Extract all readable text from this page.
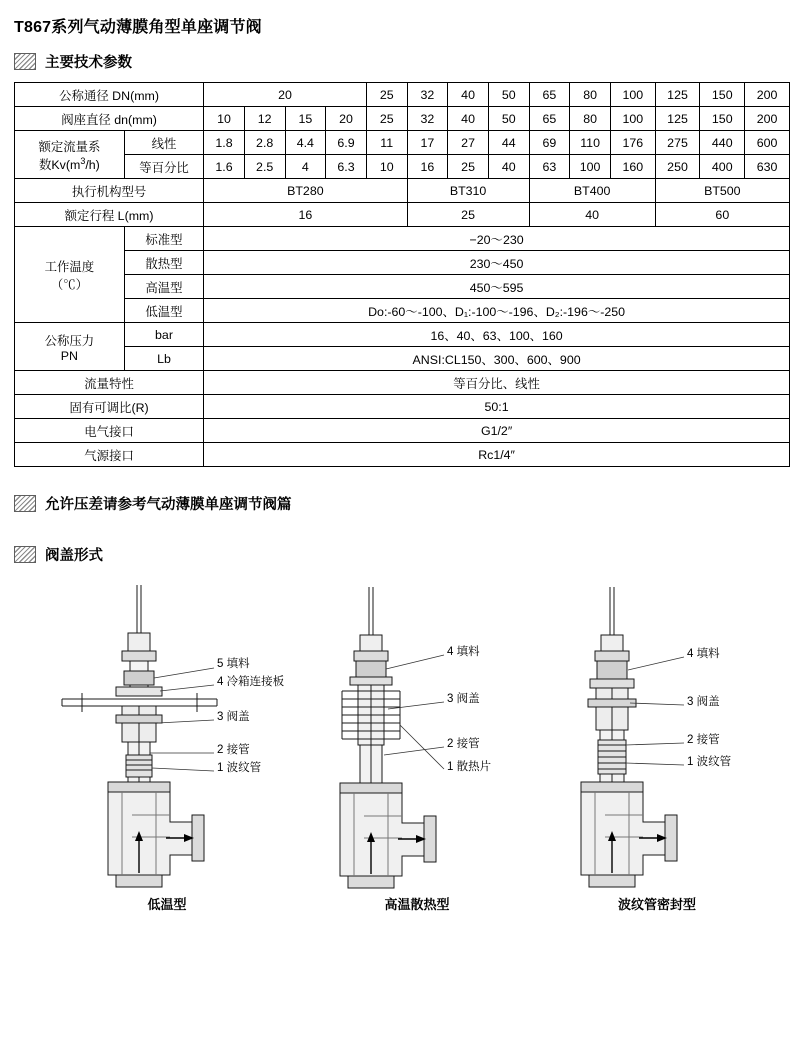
T867系列气动薄膜角型单座调节阀
主要技术参数
公称通径 DN(mm)		20				25	32	40	50	65	80	100	125	150	200
阀座直径 dn(mm)		10	12	15	20	25	32	40	50	65	80	100	125	150	200
额定流量系
数$Kv(m^3/h)$	线性	1.8	2.8	4.4	6.9	11	17	27	44	69	110	176	275	440	600
	等百分比	1.6	2.5	4	6.3	10	16	25	40	63	100	160	250	400	630
执行机构型号		BT280					BT310			BT400			BT500		
额定行程 L(mm)		16					25			40			60		
工作温度
（℃）	标准型	−20～230													
	散热型	230～450													
	高温型	450～595													
	低温型	Do:-60～-100、D₁:-100～-196、D₂:-196～-250													
公称压力
PN	bar	16、40、63、100、160													
	Lb	ANSI:CL150、300、600、900													
流量特性		等百分比、线性													
固有可调比(R)		50:1													
电气接口		G1/2″													
气源接口		Rc1/4″													
允许压差请参考气动薄膜单座调节阀篇
阀盖形式
5 填料
4 冷箱连接板
3 阀盖
2 接管
1 波纹管
低温型
4 填料
3 阀盖
2 接管
1 散热片
高温散热型
4 填料
3 阀盖
2 接管
1 波纹管
波纹管密封型
